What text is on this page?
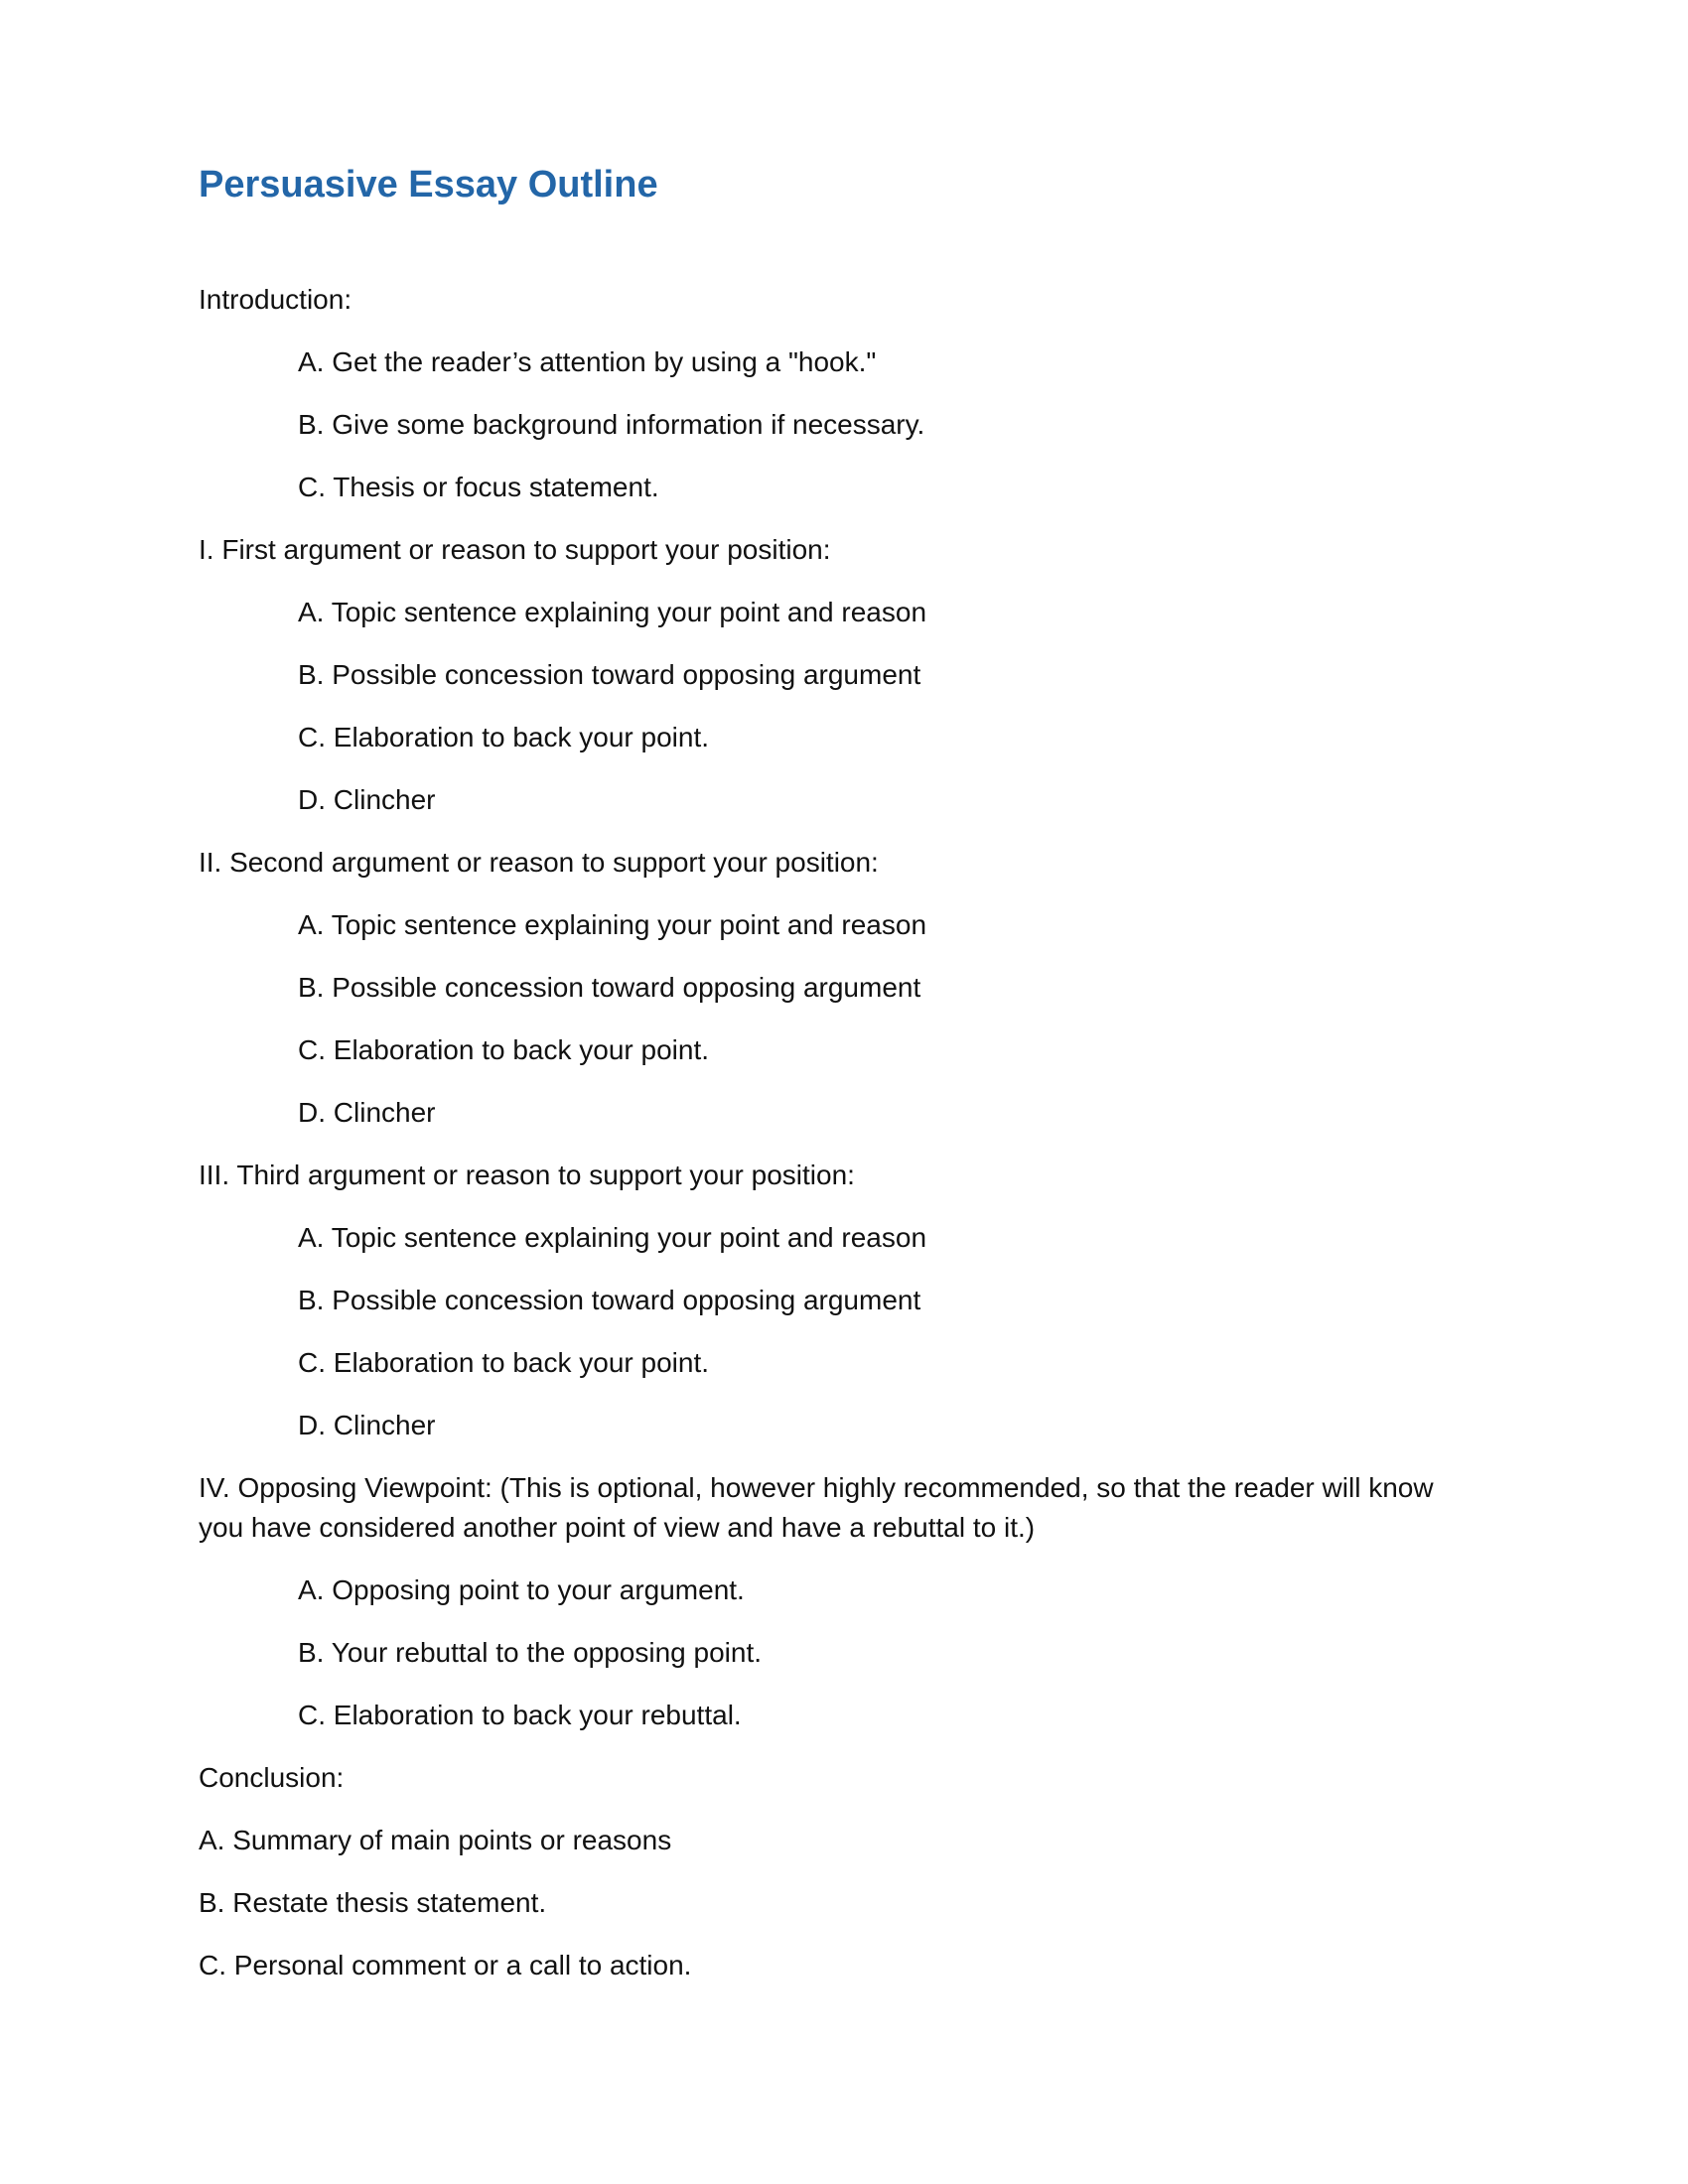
Persuasive Essay Outline

Introduction:

A. Get the reader’s attention by using a "hook."

B. Give some background information if necessary.

C. Thesis or focus statement.

I. First argument or reason to support your position:

A. Topic sentence explaining your point and reason

B. Possible concession toward opposing argument

C. Elaboration to back your point.

D. Clincher

II. Second argument or reason to support your position:

A. Topic sentence explaining your point and reason

B. Possible concession toward opposing argument

C. Elaboration to back your point.

D. Clincher

III. Third argument or reason to support your position:

A. Topic sentence explaining your point and reason

B. Possible concession toward opposing argument

C. Elaboration to back your point.

D. Clincher

IV. Opposing Viewpoint: (This is optional, however highly recommended, so that the reader will know you have considered another point of view and have a rebuttal to it.)

A. Opposing point to your argument.

B. Your rebuttal to the opposing point.

C. Elaboration to back your rebuttal.

Conclusion:

A. Summary of main points or reasons

B. Restate thesis statement.

C. Personal comment or a call to action.
